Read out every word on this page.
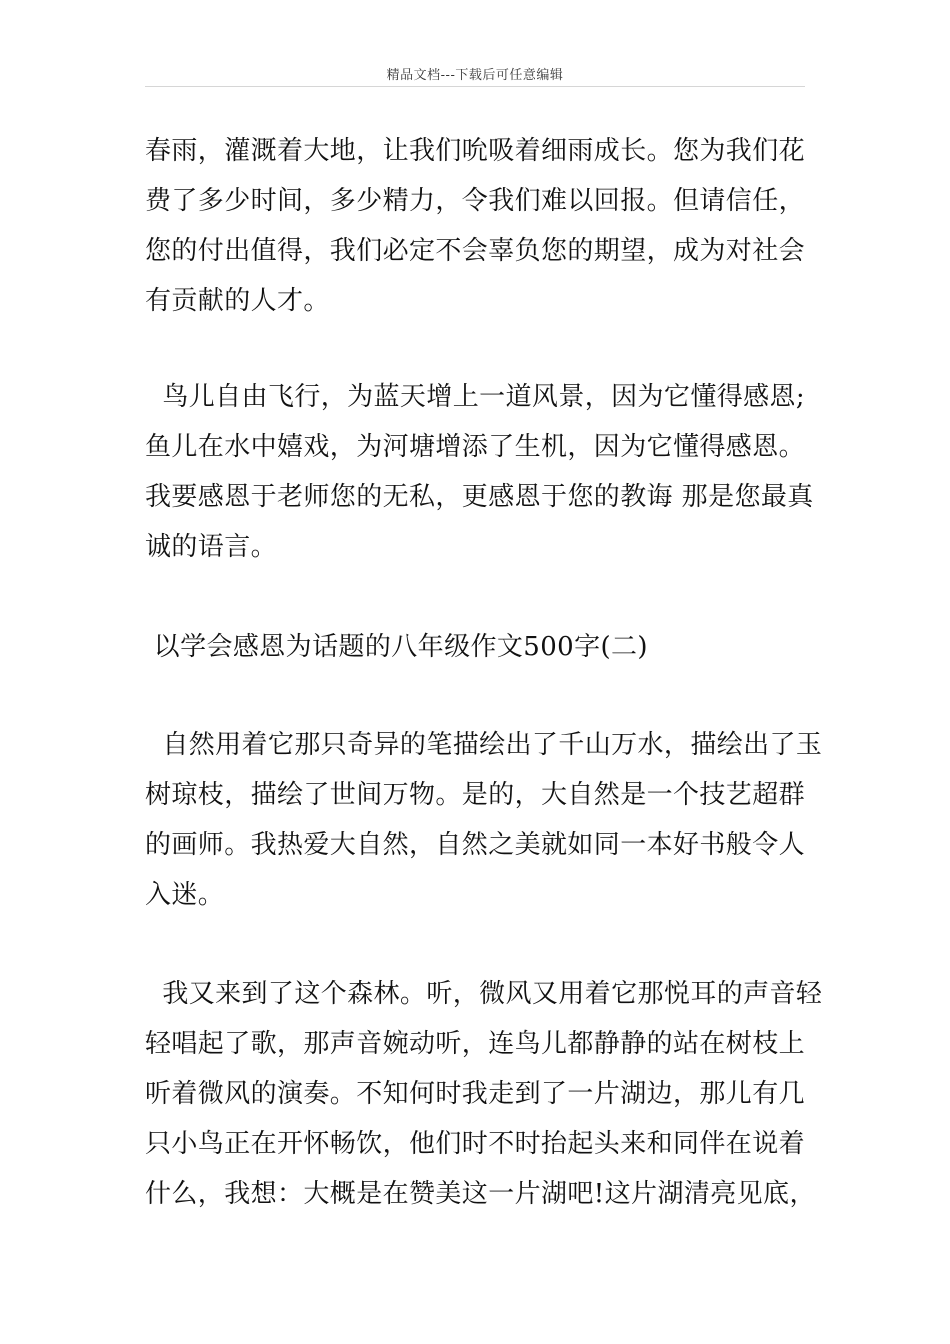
精品文档---下载后可任意编辑
春雨，灌溉着大地，让我们吮吸着细雨成长。您为我们花
费了多少时间，多少精力，令我们难以回报。但请信任，
您的付出值得，我们必定不会辜负您的期望，成为对社会
有贡献的人才。
鸟儿自由飞行，为蓝天增上一道风景，因为它懂得感恩;
鱼儿在水中嬉戏，为河塘增添了生机，因为它懂得感恩。
我要感恩于老师您的无私，更感恩于您的教诲 那是您最真
诚的语言。
以学会感恩为话题的八年级作文500字(二)
自然用着它那只奇异的笔描绘出了千山万水，描绘出了玉
树琼枝，描绘了世间万物。是的，大自然是一个技艺超群
的画师。我热爱大自然，自然之美就如同一本好书般令人
入迷。
我又来到了这个森林。听，微风又用着它那悦耳的声音轻
轻唱起了歌，那声音婉动听，连鸟儿都静静的站在树枝上
听着微风的演奏。不知何时我走到了一片湖边，那儿有几
只小鸟正在开怀畅饮，他们时不时抬起头来和同伴在说着
什么，我想：大概是在赞美这一片湖吧!这片湖清亮见底，
